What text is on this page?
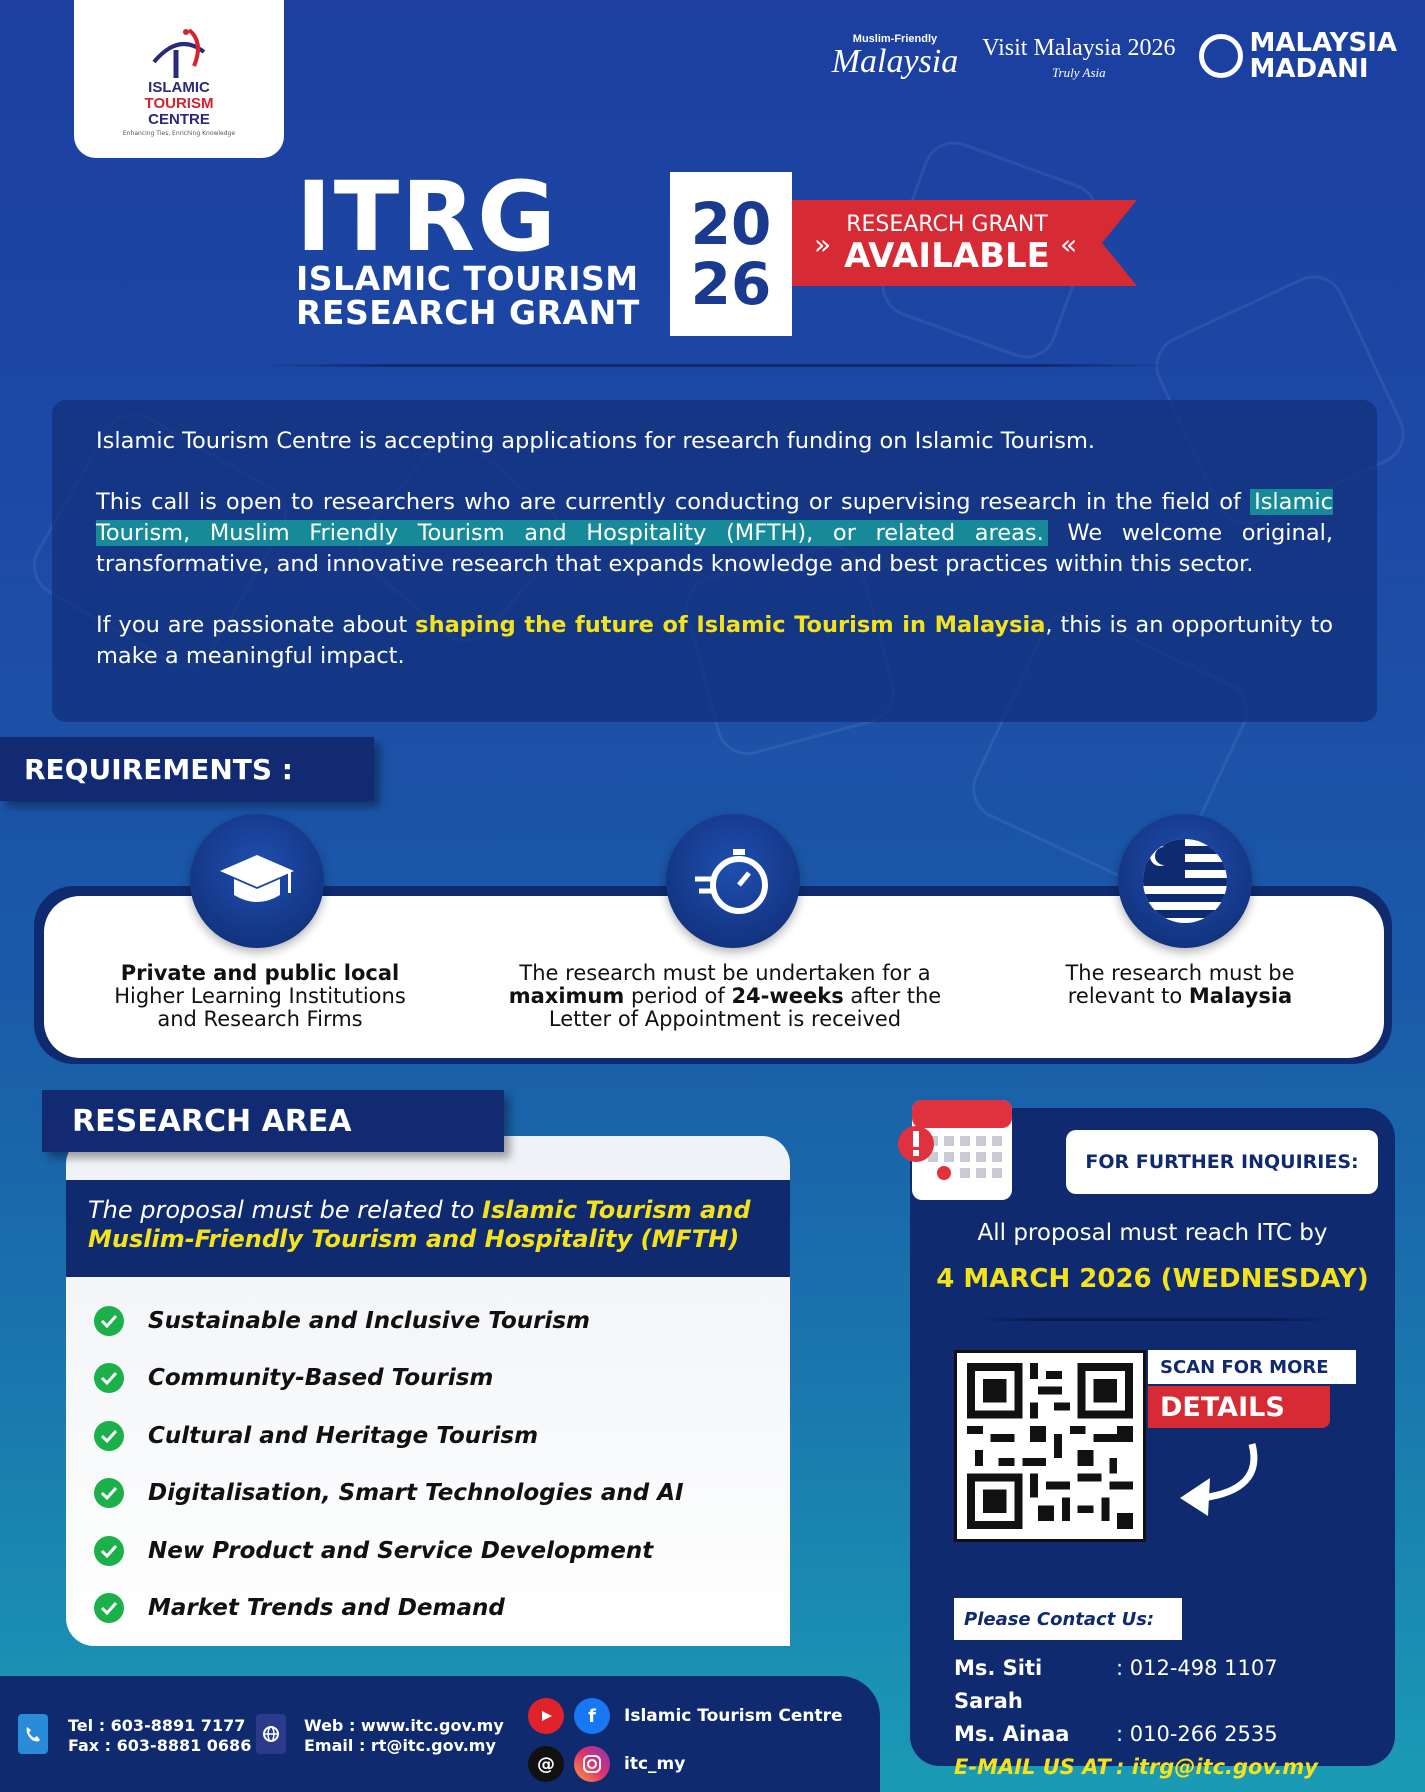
ISLAMIC
TOURISM
CENTRE
Enhancing Ties, Enriching Knowledge
Muslim-Friendly
Malaysia Visit Malaysia 2026
Truly Asia
MALAYSIA
MADANI
ITRG
ISLAMIC TOURISM
RESEARCH GRANT
20
26
»	«
RESEARCH GRANT
AVAILABLE

Islamic Tourism Centre is accepting applications for research funding on Islamic Tourism.

This call is open to researchers who are currently conducting or supervising research in the field of Islamic Tourism, Muslim Friendly Tourism and Hospitality (MFTH), or related areas. We welcome original, transformative, and innovative research that expands knowledge and best practices within this sector.

If you are passionate about shaping the future of Islamic Tourism in Malaysia, this is an opportunity to make a meaningful impact.

REQUIREMENTS :
Private and public local
Higher Learning Institutions
and Research Firms
The research must be undertaken for a
maximum period of 24-weeks after the
Letter of Appointment is received
The research must be
relevant to Malaysia
RESEARCH AREA
The proposal must be related to Islamic Tourism and Muslim-Friendly Tourism and Hospitality (MFTH)
Sustainable and Inclusive Tourism
Community-Based Tourism
Cultural and Heritage Tourism
Digitalisation, Smart Technologies and AI
New Product and Service Development
Market Trends and Demand
FOR FURTHER INQUIRIES:
All proposal must reach ITC by
4 MARCH 2026 (WEDNESDAY)
SCAN FOR MORE
DETAILS
Please Contact Us:
Ms. Siti Sarah
: 012-498 1107
Ms. Ainaa	: 010-266 2535
E-MAIL US AT : itrg@itc.gov.my
Tel : 603-8891 7177
Fax : 603-8881 0686
Web : www.itc.gov.my
Email : rt@itc.gov.my
f	Islamic Tourism Centre
@	itc_my
